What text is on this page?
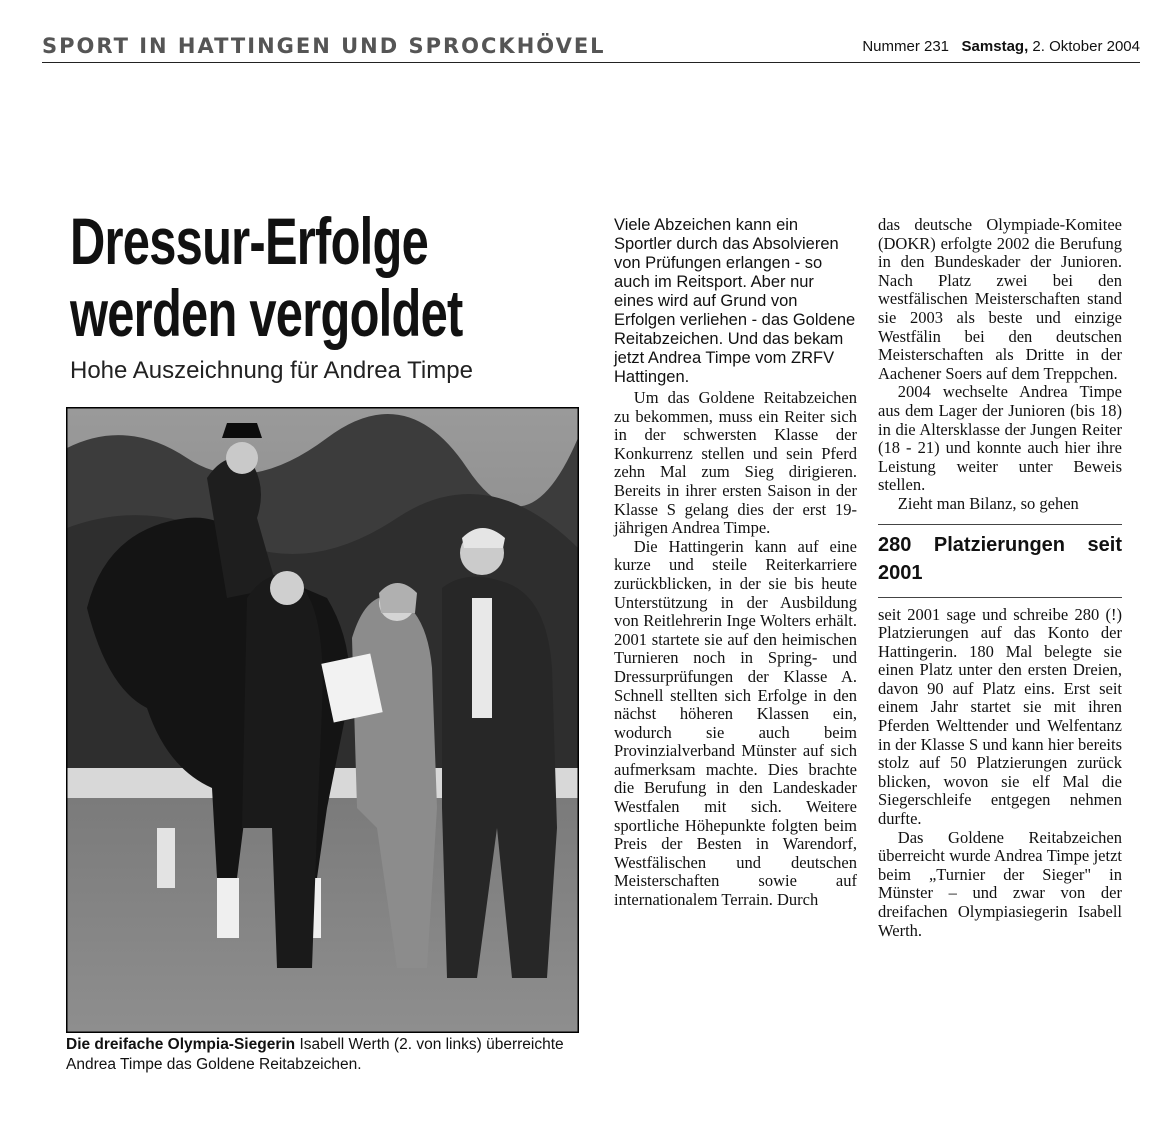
SPORT IN HATTINGEN UND SPROCKHÖVEL	Nummer 231 Samstag, 2. Oktober 2004
Dressur-Erfolge
werden vergoldet
Hohe Auszeichnung für Andrea Timpe
Die dreifache Olympia-Siegerin Isabell Werth (2. von links) überreichte Andrea Timpe das Goldene Reitabzeichen.

Viele Abzeichen kann ein Sportler durch das Absolvieren von Prüfungen erlangen - so auch im Reitsport. Aber nur eines wird auf Grund von Erfolgen verliehen - das Goldene Reitabzeichen. Und das bekam jetzt Andrea Timpe vom ZRFV Hattingen.

Um das Goldene Reitabzeichen zu bekommen, muss ein Reiter sich in der schwersten Klasse der Konkurrenz stellen und sein Pferd zehn Mal zum Sieg dirigieren. Bereits in ihrer ersten Saison in der Klasse S gelang dies der erst 19-jährigen Andrea Timpe.

Die Hattingerin kann auf eine kurze und steile Reiterkarriere zurückblicken, in der sie bis heute Unterstützung in der Ausbildung von Reitlehrerin Inge Wolters erhält. 2001 startete sie auf den heimischen Turnieren noch in Spring- und Dressurprüfungen der Klasse A. Schnell stellten sich Erfolge in den nächst höheren Klassen ein, wodurch sie auch beim Provinzialverband Münster auf sich aufmerksam machte. Dies brachte die Berufung in den Landeskader Westfalen mit sich. Weitere sportliche Höhepunkte folgten beim Preis der Besten in Warendorf, Westfälischen und deutschen Meisterschaften sowie auf internationalem Terrain. Durch

das deutsche Olympiade-Komitee (DOKR) erfolgte 2002 die Berufung in den Bundeskader der Junioren. Nach Platz zwei bei den westfälischen Meisterschaften stand sie 2003 als beste und einzige Westfälin bei den deutschen Meisterschaften als Dritte in der Aachener Soers auf dem Treppchen.

2004 wechselte Andrea Timpe aus dem Lager der Junioren (bis 18) in die Altersklasse der Jungen Reiter (18 - 21) und konnte auch hier ihre Leistung weiter unter Beweis stellen.

Zieht man Bilanz, so gehen

280 Platzierungen seit 2001

seit 2001 sage und schreibe 280 (!) Platzierungen auf das Konto der Hattingerin. 180 Mal belegte sie einen Platz unter den ersten Dreien, davon 90 auf Platz eins. Erst seit einem Jahr startet sie mit ihren Pferden Welttender und Welfentanz in der Klasse S und kann hier bereits stolz auf 50 Platzierungen zurück blicken, wovon sie elf Mal die Siegerschleife entgegen nehmen durfte.

Das Goldene Reitabzeichen überreicht wurde Andrea Timpe jetzt beim „Turnier der Sieger" in Münster – und zwar von der dreifachen Olympiasiegerin Isabell Werth.
